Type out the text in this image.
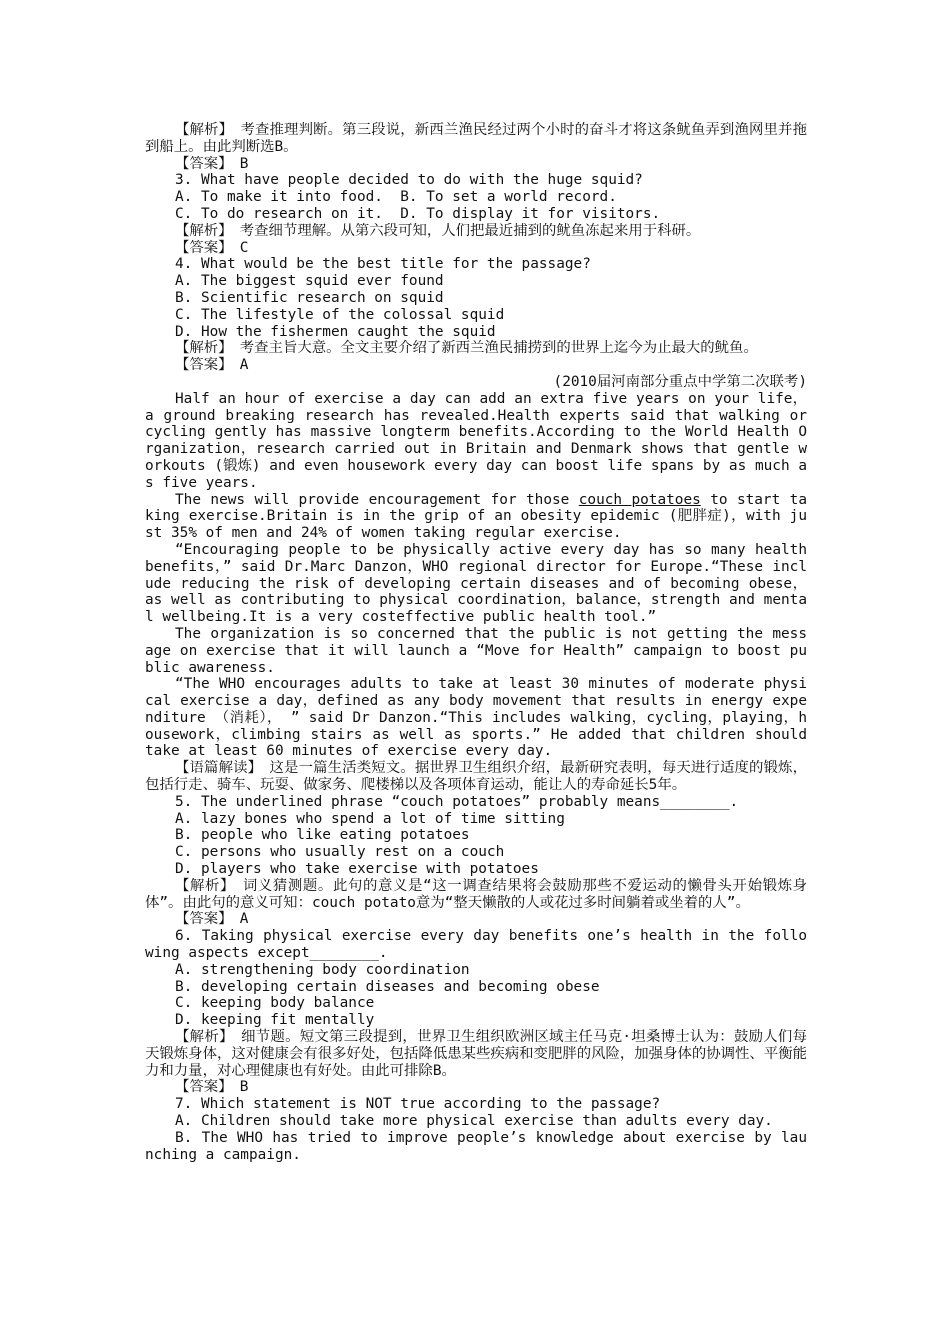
【解析】　考查推理判断。第三段说，新西兰渔民经过两个小时的奋斗才将这条鱿鱼弄到渔网里并拖到船上。由此判断选B。

【答案】　B

3. What have people decided to do with the huge squid?

A. To make it into food.  B. To set a world record.

C. To do research on it.  D. To display it for visitors.

【解析】　考查细节理解。从第六段可知，人们把最近捕到的鱿鱼冻起来用于科研。

【答案】　C

4. What would be the best title for the passage?

A. The biggest squid ever found

B. Scientific research on squid

C. The lifestyle of the colossal squid

D. How the fishermen caught the squid

【解析】　考查主旨大意。全文主要介绍了新西兰渔民捕捞到的世界上迄今为止最大的鱿鱼。

【答案】　A

(2010届河南部分重点中学第二次联考)

Half an hour of exercise a day can add an extra five years on your life，a ground breaking research has revealed.Health experts said that walking or cycling gently has massive longterm benefits.According to the World Health Organization，research carried out in Britain and Denmark shows that gentle workouts (锻炼) and even housework every day can boost life spans by as much as five years.

The news will provide encouragement for those couch potatoes to start taking exercise.Britain is in the grip of an obesity epidemic (肥胖症)，with just 35% of men and 24% of women taking regular exercise.

“Encouraging people to be physically active every day has so many health benefits，” said Dr.Marc Danzon，WHO regional director for Europe.“These include reducing the risk of developing certain diseases and of becoming obese，as well as contributing to physical coordination，balance，strength and mental wellbeing.It is a very costeffective public health tool.”

The organization is so concerned that the public is not getting the message on exercise that it will launch a “Move for Health” campaign to boost public awareness.

“The WHO encourages adults to take at least 30 minutes of moderate physical exercise a day，defined as any body movement that results in energy expenditure （消耗）， ” said Dr Danzon.“This includes walking，cycling，playing，housework，climbing stairs as well as sports.” He added that children should take at least 60 minutes of exercise every day.

【语篇解读】　这是一篇生活类短文。据世界卫生组织介绍，最新研究表明，每天进行适度的锻炼，包括行走、骑车、玩耍、做家务、爬楼梯以及各项体育运动，能让人的寿命延长5年。

5. The underlined phrase “couch potatoes” probably means________.

A. lazy bones who spend a lot of time sitting

B. people who like eating potatoes

C. persons who usually rest on a couch

D. players who take exercise with potatoes

【解析】　词义猜测题。此句的意义是“这一调查结果将会鼓励那些不爱运动的懒骨头开始锻炼身体”。由此句的意义可知：couch potato意为“整天懒散的人或花过多时间躺着或坐着的人”。

【答案】　A

6. Taking physical exercise every day benefits one’s health in the following aspects except________.

A. strengthening body coordination

B. developing certain diseases and becoming obese

C. keeping body balance

D. keeping fit mentally

【解析】　细节题。短文第三段提到，世界卫生组织欧洲区域主任马克·坦桑博士认为：鼓励人们每天锻炼身体，这对健康会有很多好处，包括降低患某些疾病和变肥胖的风险，加强身体的协调性、平衡能力和力量，对心理健康也有好处。由此可排除B。

【答案】　B

7. Which statement is NOT true according to the passage?

A. Children should take more physical exercise than adults every day.

B. The WHO has tried to improve people’s knowledge about exercise by launching a campaign.
